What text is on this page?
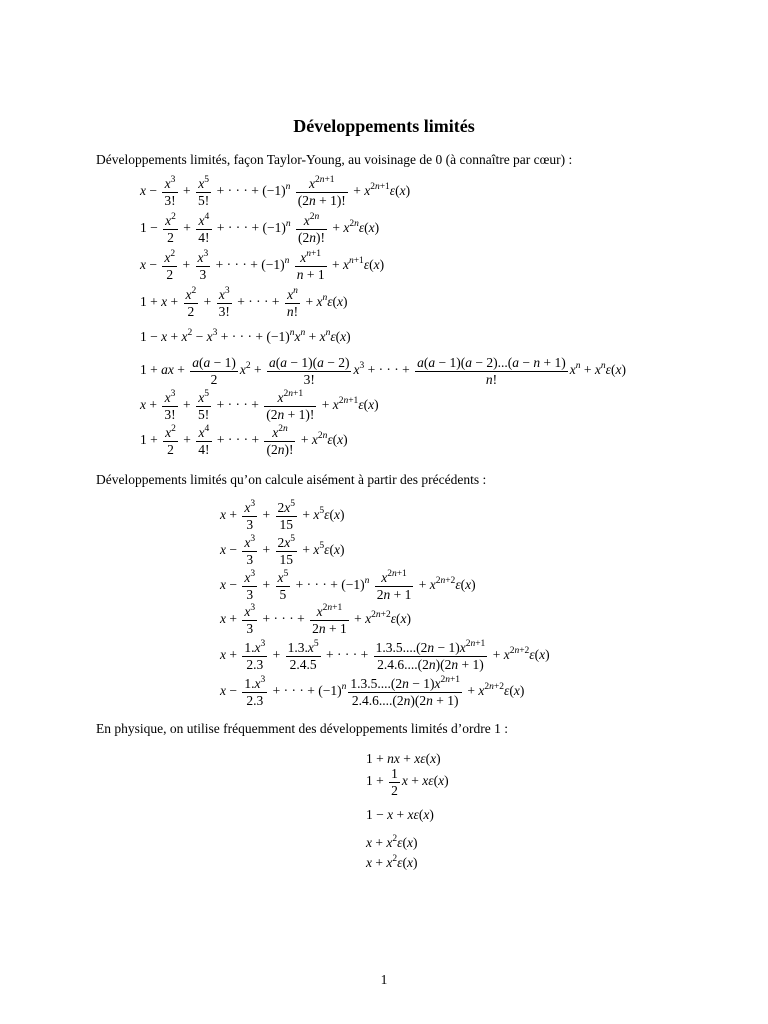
Développements limités
Développements limités, façon Taylor-Young, au voisinage de 0 (à connaître par cœur) :
$x - \frac{x^3}{3!} + \frac{x^5}{5!}$ + · · · + $(-1)^n \frac{x^{2n+1}}{(2n + 1)!} + x^{2n+1}\varepsilon(x)$
$1 - \frac{x^2}{2} + \frac{x^4}{4!}$ + · · · + $(-1)^n \frac{x^{2n}}{(2n)!} + x^{2n}\varepsilon(x)$
$x - \frac{x^2}{2} + \frac{x^3}{3}$ + · · · + $(-1)^n \frac{x^{n+1}}{n + 1} + x^{n+1}\varepsilon(x)$
$1 + x + \frac{x^2}{2} + \frac{x^3}{3!}$ + · · · + $\frac{x^n}{n!} + x^n\varepsilon(x)$
$1 - x + x^2 - x^3$ + · · · + $(-1)^nx^n + x^n\varepsilon(x)$
1 + ax + $\frac{a(a - 1)}{2} x^2 + \frac{a(a - 1)(a - 2)}{3!} x^3$ + · · · + $\frac{a(a - 1)(a - 2)...(a - n + 1)}{n!} x^n + x^n\varepsilon(x)$
$x + \frac{x^3}{3!} + \frac{x^5}{5!}$ + · · · + $\frac{x^{2n+1}}{(2n + 1)!} + x^{2n+1}\varepsilon(x)$
$1 + \frac{x^2}{2} + \frac{x^4}{4!}$ + · · · + $\frac{x^{2n}}{(2n)!} + x^{2n}\varepsilon(x)$
Développements limités qu’on calcule aisément à partir des précédents :
$x + \frac{x^3}{3} + \frac{2x^5}{15} + x^5\varepsilon(x)$
$x - \frac{x^3}{3} + \frac{2x^5}{15} + x^5\varepsilon(x)$
$x - \frac{x^3}{3} + \frac{x^5}{5}$ + · · · + $(-1)^n \frac{x^{2n+1}}{2n + 1} + x^{2n+2}\varepsilon(x)$
$x + \frac{x^3}{3}$ + · · · + $\frac{x^{2n+1}}{2n + 1} + x^{2n+2}\varepsilon(x)$
$x + \frac{1.x^3}{2.3} + \frac{1.3.x^5}{2.4.5}$ + · · · + $\frac{1.3.5....(2n - 1)x^{2n+1}}{2.4.6....(2n)(2n + 1)} + x^{2n+2}\varepsilon(x)$
$x - \frac{1.x^3}{2.3}$ + · · · + $(-1)^n \frac{1.3.5....(2n - 1)x^{2n+1}}{2.4.6....(2n)(2n + 1)} + x^{2n+2}\varepsilon(x)$
En physique, on utilise fréquemment des développements limités d’ordre 1 :
1 + nx + xε(x)
$1 + \frac{1}{2}$ x + xε(x)
1 − x + xε(x)
$x + x^2\varepsilon(x)$
$x + x^2\varepsilon(x)$
1
